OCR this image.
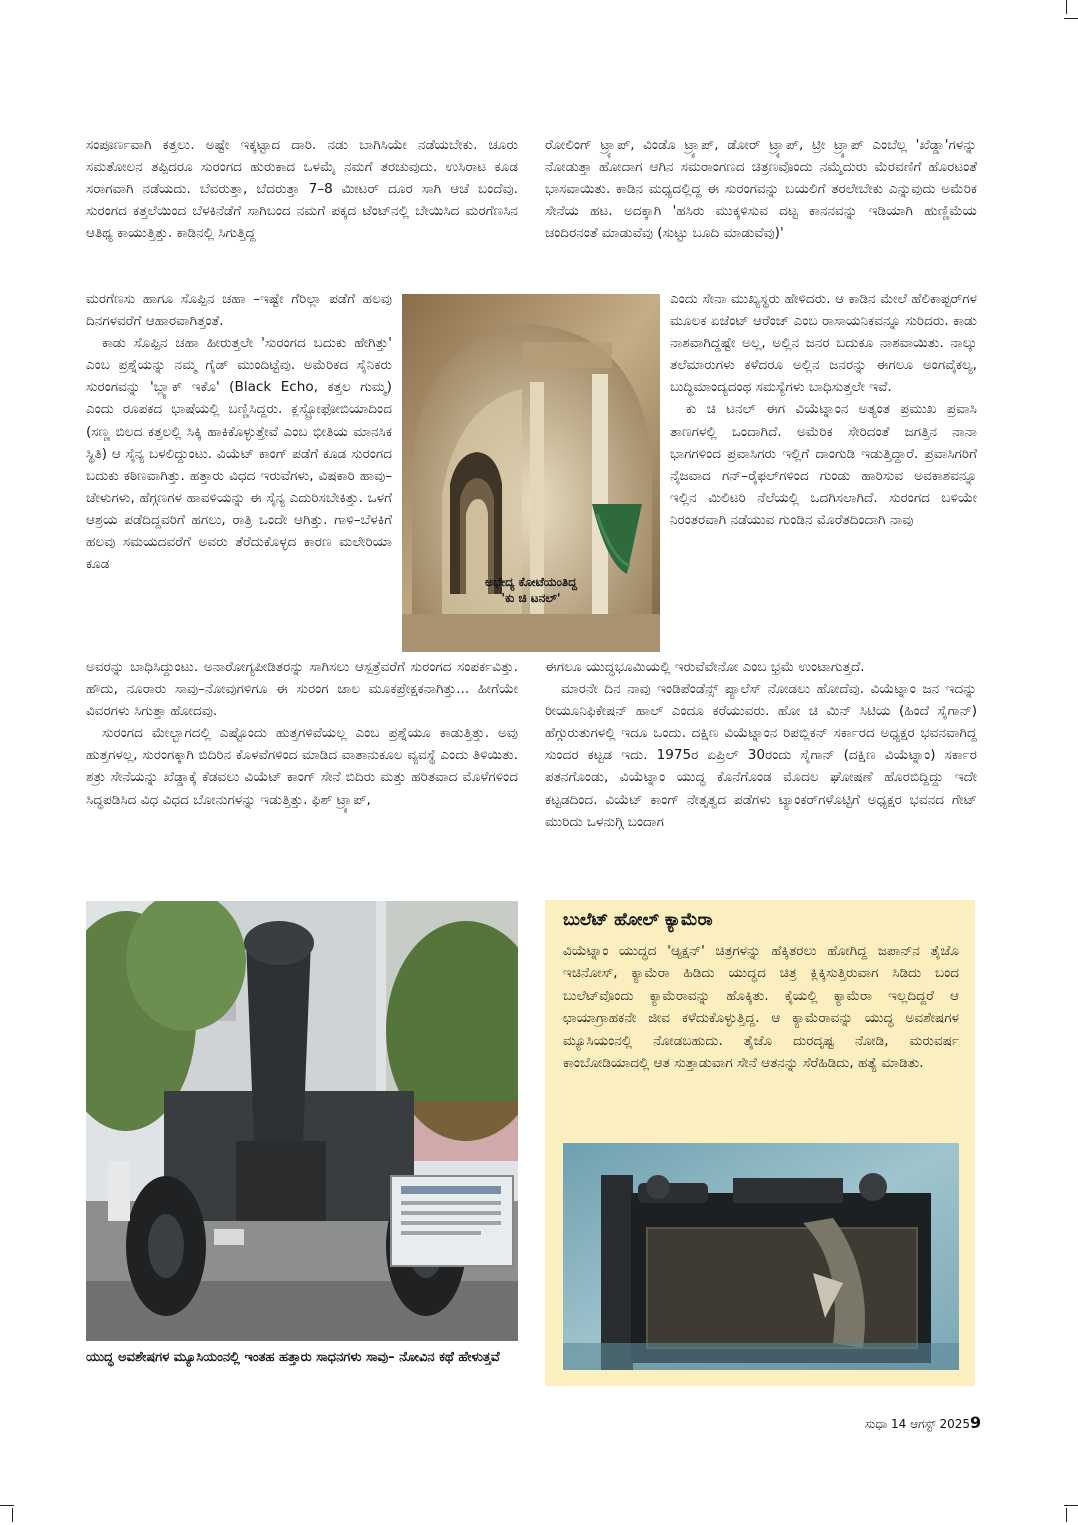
ಸಂಪೂರ್ಣವಾಗಿ ಕತ್ತಲು. ಅಷ್ಟೇ ಇಕ್ಕಟ್ಟಾದ ದಾರಿ. ನಡು ಬಾಗಿಸಿಯೇ ನಡೆಯಬೇಕು. ಚೂರು ಸಮತೋಲನ ತಪ್ಪಿದರೂ ಸುರಂಗದ ಹುರುಕಾದ ಒಳಮೈ ನಮಗೆ ತರಚುವುದು. ಉಸಿರಾಟ ಕೂಡ ಸರಾಗವಾಗಿ ನಡೆಯದು. ಬೆವರುತ್ತಾ, ಬೆದರುತ್ತಾ 7–8 ಮೀಟರ್ ದೂರ ಸಾಗಿ ಆಚೆ ಬಂದೆವು. ಸುರಂಗದ ಕತ್ತಲೆಯಿಂದ ಬೆಳಕಿನೆಡೆಗೆ ಸಾಗಿಬಂದ ನಮಗೆ ಪಕ್ಕದ ಟೆಂಟ್‌ನಲ್ಲಿ ಬೇಯಿಸಿದ ಮರಗೆಣಸಿನ ಆತಿಥ್ಯ ಕಾಯುತ್ತಿತ್ತು. ಕಾಡಿನಲ್ಲಿ ಸಿಗುತ್ತಿದ್ದ

ಮರಗೆಣಸು ಹಾಗೂ ಸೊಪ್ಪಿನ ಚಹಾ –ಇಷ್ಟೇ ಗೆರಿಲ್ಲಾ ಪಡೆಗೆ ಹಲವು ದಿನಗಳವರೆಗೆ ಆಹಾರವಾಗಿತ್ತಂತೆ.

ಕಾಡು ಸೊಪ್ಪಿನ ಚಹಾ ಹೀರುತ್ತಲೇ 'ಸುರಂಗದ ಬದುಕು ಹೇಗಿತ್ತು' ಎಂಬ ಪ್ರಶ್ನೆಯನ್ನು ನಮ್ಮ ಗೈಡ್ ಮುಂದಿಟ್ಟೆವು. ಅಮೆರಿಕದ ಸೈನಿಕರು ಸುರಂಗವನ್ನು 'ಬ್ಲ್ಯಾಕ್ ಇಕೊ' (Black Echo, ಕತ್ತಲ ಗುಮ್ಮ) ಎಂದು ರೂಪಕದ ಭಾಷೆಯಲ್ಲಿ ಬಣ್ಣಿಸಿದ್ದರು. ಕ್ಲಸ್ಟ್ರೋಫೋಬಿಯಾದಿಂದ (ಸಣ್ಣ ಬಿಲದ ಕತ್ತಲಲ್ಲಿ ಸಿಕ್ಕಿ ಹಾಕಿಕೊಳ್ಳುತ್ತೇವೆ ಎಂಬ ಭೀತಿಯ ಮಾನಸಿಕ ಸ್ಥಿತಿ) ಆ ಸೈನ್ಯ ಬಳಲಿದ್ದುಂಟು. ವಿಯೆಟ್ ಕಾಂಗ್ ಪಡೆಗೆ ಕೂಡ ಸುರಂಗದ ಬದುಕು ಕಠಿಣವಾಗಿತ್ತು. ಹತ್ತಾರು ವಿಧದ ಇರುವೆಗಳು, ವಿಷಕಾರಿ ಹಾವು–ಚೇಳುಗಳು, ಹೆಗ್ಗಣಗಳ ಹಾವಳಿಯನ್ನು ಈ ಸೈನ್ಯ ಎದುರಿಸಬೇಕಿತ್ತು. ಒಳಗೆ ಆಶ್ರಯ ಪಡೆದಿದ್ದವರಿಗೆ ಹಗಲು, ರಾತ್ರಿ ಒಂದೇ ಆಗಿತ್ತು. ಗಾಳಿ–ಬೆಳಕಿಗೆ ಹಲವು ಸಮಯದವರೆಗೆ ಅವರು ತೆರೆದುಕೊಳ್ಳದ ಕಾರಣ ಮಲೇರಿಯಾ ಕೂಡ

ಅವರನ್ನು ಬಾಧಿಸಿದ್ದುಂಟು. ಅನಾರೋಗ್ಯಪೀಡಿತರನ್ನು ಸಾಗಿಸಲು ಆಸ್ಪತ್ರೆವರೆಗೆ ಸುರಂಗದ ಸಂಪರ್ಕವಿತ್ತು. ಹೌದು, ನೂರಾರು ಸಾವು–ನೋವುಗಳಿಗೂ ಈ ಸುರಂಗ ಜಾಲ ಮೂಕಪ್ರೇಕ್ಷಕನಾಗಿತ್ತು... ಹೀಗೆಯೇ ವಿವರಗಳು ಸಿಗುತ್ತಾ ಹೋದವು.

ಸುರಂಗದ ಮೇಲ್ಭಾಗದಲ್ಲಿ ಎಷ್ಟೊಂದು ಹುತ್ತಗಳಿವೆಯಲ್ಲ ಎಂಬ ಪ್ರಶ್ನೆಯೂ ಕಾಡುತ್ತಿತ್ತು. ಅವು ಹುತ್ತಗಳಲ್ಲ, ಸುರಂಗಕ್ಕಾಗಿ ಬಿದಿರಿನ ಕೊಳವೆಗಳಿಂದ ಮಾಡಿದ ವಾತಾನುಕೂಲ ವ್ಯವಸ್ಥೆ ಎಂದು ತಿಳಿಯಿತು. ಶತ್ರು ಸೇನೆಯನ್ನು ಖೆಡ್ಡಾಕ್ಕೆ ಕೆಡವಲು ವಿಯೆಟ್ ಕಾಂಗ್ ಸೇನೆ ಬಿದಿರು ಮತ್ತು ಹರಿತವಾದ ಮೊಳೆಗಳಿಂದ ಸಿದ್ಧಪಡಿಸಿದ ವಿಧ ವಿಧದ ಬೋನುಗಳನ್ನು ಇಡುತ್ತಿತ್ತು. ಫಿಶ್ ಟ್ರ್ಯಾಪ್,

ರೋಲಿಂಗ್ ಟ್ರ್ಯಾಪ್, ವಿಂಡೊ ಟ್ರ್ಯಾಪ್, ಡೋರ್ ಟ್ರ್ಯಾಪ್, ಟ್ರೀ ಟ್ರ್ಯಾಪ್ ಎಂಬೆಲ್ಲ 'ಖೆಡ್ಡಾ'ಗಳನ್ನು ನೋಡುತ್ತಾ ಹೋದಾಗ ಆಗಿನ ಸಮರಾಂಗಣದ ಚಿತ್ರಣವೊಂದು ನಮ್ಮೆದುರು ಮೆರವಣಿಗೆ ಹೊರಟಂತೆ ಭಾಸವಾಯಿತು. ಕಾಡಿನ ಮಧ್ಯದಲ್ಲಿದ್ದ ಈ ಸುರಂಗವನ್ನು ಬಯಲಿಗೆ ತರಲೇಬೇಕು ಎನ್ನುವುದು ಅಮೆರಿಕ ಸೇನೆಯ ಹಟ. ಅದಕ್ಕಾಗಿ 'ಹಸಿರು ಮುಕ್ಕಳಿಸುವ ದಟ್ಟ ಕಾನನವನ್ನು ಇಡಿಯಾಗಿ ಹುಣ್ಣಿಮೆಯ ಚಂದಿರನಂತೆ ಮಾಡುವೆವು (ಸುಟ್ಟು ಬೂದಿ ಮಾಡುವೆವು)'

ಎಂದು ಸೇನಾ ಮುಖ್ಯಸ್ಥರು ಹೇಳಿದರು. ಆ ಕಾಡಿನ ಮೇಲೆ ಹೆಲಿಕಾಪ್ಟರ್‌ಗಳ ಮೂಲಕ ಏಜೆಂಟ್ ಆರೆಂಜ್ ಎಂಬ ರಾಸಾಯನಿಕವನ್ನೂ ಸುರಿದರು. ಕಾಡು ನಾಶವಾಗಿದ್ದಷ್ಟೇ ಅಲ್ಲ, ಅಲ್ಲಿನ ಜನರ ಬದುಕೂ ನಾಶವಾಯಿತು. ನಾಲ್ಕು ತಲೆಮಾರುಗಳು ಕಳೆದರೂ ಅಲ್ಲಿನ ಜನರನ್ನು ಈಗಲೂ ಅಂಗವೈಕಲ್ಯ, ಬುದ್ಧಿಮಾಂದ್ಯದಂಥ ಸಮಸ್ಯೆಗಳು ಬಾಧಿಸುತ್ತಲೇ ಇವೆ.

ಕು ಚಿ ಟನಲ್ ಈಗ ವಿಯೆಟ್ನಾಂನ ಅತ್ಯಂತ ಪ್ರಮುಖ ಪ್ರವಾಸಿ ತಾಣಗಳಲ್ಲಿ ಒಂದಾಗಿದೆ. ಅಮೆರಿಕ ಸೇರಿದಂತೆ ಜಗತ್ತಿನ ನಾನಾ ಭಾಗಗಳಿಂದ ಪ್ರವಾಸಿಗರು ಇಲ್ಲಿಗೆ ದಾಂಗುಡಿ ಇಡುತ್ತಿದ್ದಾರೆ. ಪ್ರವಾಸಿಗರಿಗೆ ನೈಜವಾದ ಗನ್–ರೈಫಲ್‌ಗಳಿಂದ ಗುಂಡು ಹಾರಿಸುವ ಅವಕಾಶವನ್ನೂ ಇಲ್ಲಿನ ಮಿಲಿಟರಿ ನೆಲೆಯಲ್ಲಿ ಒದಗಿಸಲಾಗಿದೆ. ಸುರಂಗದ ಬಳಿಯೇ ನಿರಂತರವಾಗಿ ನಡೆಯುವ ಗುಂಡಿನ ಮೊರೆತದಿಂದಾಗಿ ನಾವು

ಈಗಲೂ ಯುದ್ಧಭೂಮಿಯಲ್ಲಿ ಇರುವೆವೇನೋ ಎಂಬ ಭ್ರಮೆ ಉಂಟಾಗುತ್ತದೆ.

ಮಾರನೇ ದಿನ ನಾವು ಇಂಡಿಪೆಂಡೆನ್ಸ್ ಪ್ಯಾಲೆಸ್ ನೋಡಲು ಹೋದೆವು. ವಿಯೆಟ್ನಾಂ ಜನ ಇದನ್ನು ರೀಯೂನಿಫಿಕೇಷನ್ ಹಾಲ್ ಎಂದೂ ಕರೆಯುವರು. ಹೋ ಚಿ ಮಿನ್ ಸಿಟಿಯ (ಹಿಂದೆ ಸೈಗಾನ್) ಹೆಗ್ಗುರುತುಗಳಲ್ಲಿ ಇದೂ ಒಂದು. ದಕ್ಷಿಣ ವಿಯೆಟ್ನಾಂನ ರಿಪಬ್ಲಿಕನ್ ಸರ್ಕಾರದ ಅಧ್ಯಕ್ಷರ ಭವನವಾಗಿದ್ದ ಸುಂದರ ಕಟ್ಟಡ ಇದು. 1975ರ ಏಪ್ರಿಲ್ 30ರಂದು ಸೈಗಾನ್ (ದಕ್ಷಿಣ ವಿಯೆಟ್ನಾಂ) ಸರ್ಕಾರ ಪತನಗೊಂಡು, ವಿಯೆಟ್ನಾಂ ಯುದ್ಧ ಕೊನೆಗೊಂಡ ಮೊದಲ ಘೋಷಣೆ ಹೊರಬಿದ್ದಿದ್ದು ಇದೇ ಕಟ್ಟಡದಿಂದ. ವಿಯೆಟ್ ಕಾಂಗ್ ನೇತೃತ್ವದ ಪಡೆಗಳು ಟ್ಯಾಂಕರ್‌ಗಳೊಟ್ಟಿಗೆ ಅಧ್ಯಕ್ಷರ ಭವನದ ಗೇಟ್ ಮುರಿದು ಒಳನುಗ್ಗಿ ಬಂದಾಗ

ಅಭೇದ್ಯ ಕೋಟೆಯಂತಿದ್ದ
'ಕು ಚಿ ಟನಲ್'
ಯುದ್ಧ ಅವಶೇಷಗಳ ಮ್ಯೂಸಿಯಂನಲ್ಲಿ ಇಂತಹ ಹತ್ತಾರು ಸಾಧನಗಳು ಸಾವು– ನೋವಿನ ಕಥೆ ಹೇಳುತ್ತವೆ
ಬುಲೆಟ್ ಹೋಲ್ ಕ್ಯಾಮೆರಾ
ವಿಯೆಟ್ನಾಂ ಯುದ್ಧದ 'ಆ್ಯಕ್ಷನ್' ಚಿತ್ರಗಳನ್ನು ಹೆಕ್ಕಿತರಲು ಹೋಗಿದ್ದ ಜಪಾನ್‌ನ ತೈಜೊ ಇಚಿನೋಸ್, ಕ್ಯಾಮೆರಾ ಹಿಡಿದು ಯುದ್ಧದ ಚಿತ್ರ ಕ್ಲಿಕ್ಕಿಸುತ್ತಿರುವಾಗ ಸಿಡಿದು ಬಂದ ಬುಲೆಟ್‌ವೊಂದು ಕ್ಯಾಮೆರಾವನ್ನು ಹೊಕ್ಕಿತು. ಕೈಯಲ್ಲಿ ಕ್ಯಾಮೆರಾ ಇಲ್ಲದಿದ್ದರೆ ಆ ಛಾಯಾಗ್ರಾಹಕನೇ ಜೀವ ಕಳೆದುಕೊಳ್ಳುತ್ತಿದ್ದ. ಆ ಕ್ಯಾಮೆರಾವನ್ನು ಯುದ್ಧ ಅವಶೇಷಗಳ ಮ್ಯೂಸಿಯಂನಲ್ಲಿ ನೋಡಬಹುದು. ತೈಜೊ ದುರದೃಷ್ಟ ನೋಡಿ, ಮರುವರ್ಷ ಕಾಂಬೋಡಿಯಾದಲ್ಲಿ ಆತ ಸುತ್ತಾಡುವಾಗ ಸೇನೆ ಆತನನ್ನು ಸೆರೆಹಿಡಿದು, ಹತ್ಯೆ ಮಾಡಿತು.
ಸುಧಾ 14 ಆಗಸ್ಟ್ 2025 9
